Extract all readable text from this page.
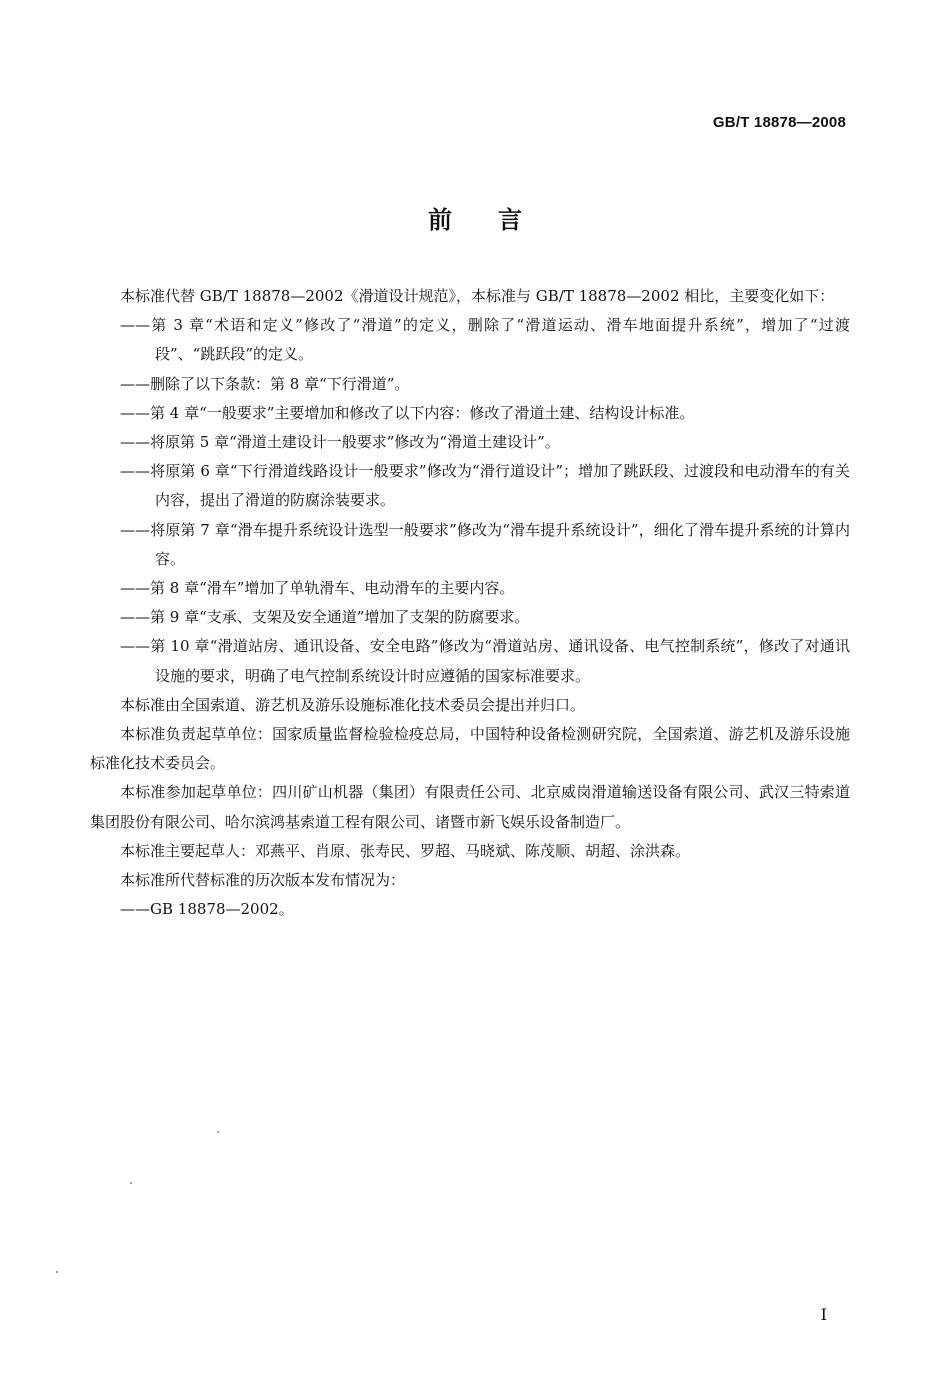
GB/T 18878—2008
前言

本标准代替 GB/T 18878—2002《滑道设计规范》，本标准与 GB/T 18878—2002 相比，主要变化如下：

——第 3 章“术语和定义”修改了“滑道”的定义，删除了“滑道运动、滑车地面提升系统”，增加了“过渡段”、“跳跃段”的定义。

——删除了以下条款：第 8 章“下行滑道”。

——第 4 章“一般要求”主要增加和修改了以下内容：修改了滑道土建、结构设计标准。

——将原第 5 章“滑道土建设计一般要求”修改为“滑道土建设计”。

——将原第 6 章“下行滑道线路设计一般要求”修改为“滑行道设计”；增加了跳跃段、过渡段和电动滑车的有关内容，提出了滑道的防腐涂装要求。

——将原第 7 章“滑车提升系统设计选型一般要求”修改为“滑车提升系统设计”，细化了滑车提升系统的计算内容。

——第 8 章“滑车”增加了单轨滑车、电动滑车的主要内容。

——第 9 章“支承、支架及安全通道”增加了支架的防腐要求。

——第 10 章“滑道站房、通讯设备、安全电路”修改为“滑道站房、通讯设备、电气控制系统”，修改了对通讯设施的要求，明确了电气控制系统设计时应遵循的国家标准要求。

本标准由全国索道、游艺机及游乐设施标准化技术委员会提出并归口。

本标准负责起草单位：国家质量监督检验检疫总局，中国特种设备检测研究院，全国索道、游艺机及游乐设施标准化技术委员会。

本标准参加起草单位：四川矿山机器（集团）有限责任公司、北京威岗滑道输送设备有限公司、武汉三特索道集团股份有限公司、哈尔滨鸿基索道工程有限公司、诸暨市新飞娱乐设备制造厂。

本标准主要起草人：邓燕平、肖原、张寿民、罗超、马晓斌、陈茂顺、胡超、涂洪森。

本标准所代替标准的历次版本发布情况为：

——GB 18878—2002。

I
